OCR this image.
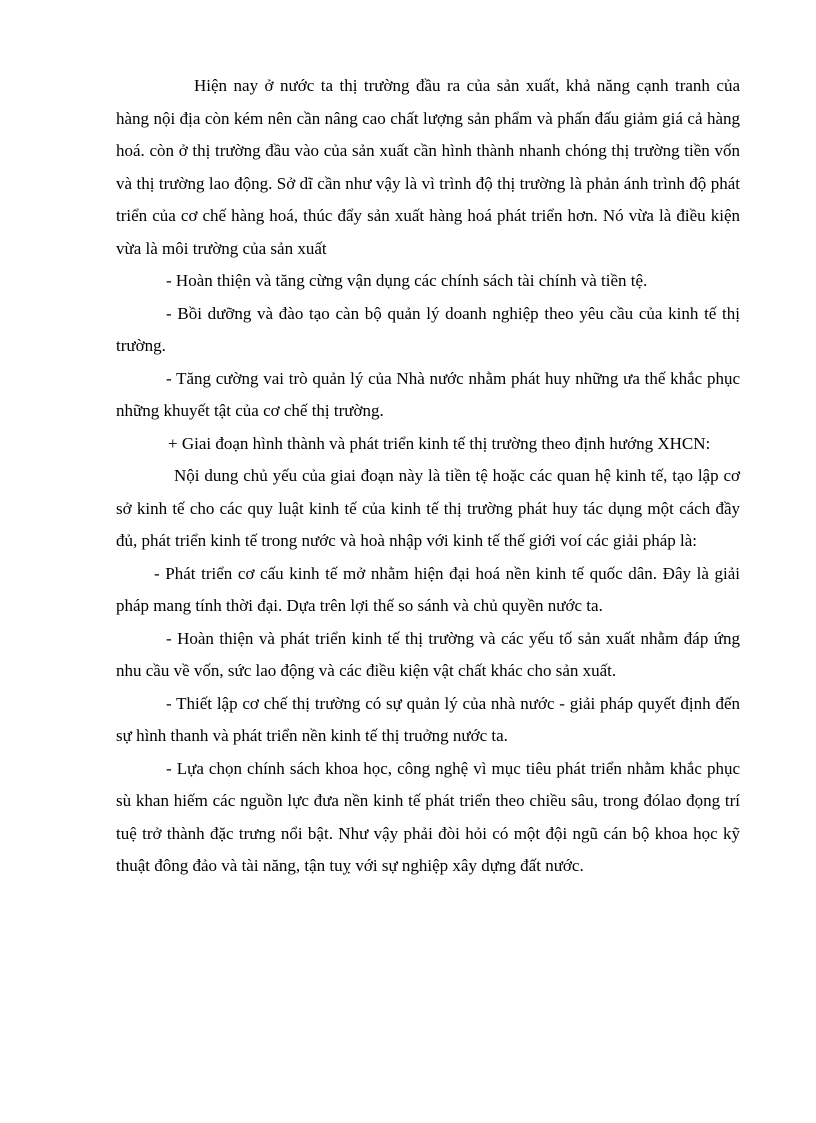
Hiện nay ở nước ta thị trường đầu ra của sản xuất, khả năng cạnh tranh của hàng nội địa còn kém nên cần nâng cao chất lượng sản phẩm và phấn đấu giảm giá cả hàng hoá. còn ở thị trường đầu vào của sản xuất cần hình thành nhanh chóng thị trường tiền vốn và thị trường lao động. Sở dĩ cần như vậy là vì trình độ thị trường là phản ánh trình độ phát triển của cơ chế hàng hoá, thúc đẩy sản xuất hàng hoá phát triển hơn. Nó vừa là điều kiện vừa là môi trường của sản xuất

- Hoàn thiện và tăng cừng vận dụng các chính sách tài chính và tiền tệ.

- Bồi dưỡng và đào tạo càn bộ quản lý doanh nghiệp theo yêu cầu của kinh tế thị trường.

- Tăng cường vai trò quản lý của Nhà nước nhằm phát huy những ưa thế khắc phục những khuyết tật của cơ chế thị trường.

+ Giai đoạn hình thành và phát triển kinh tế thị trường theo định hướng XHCN:

Nội dung chủ yếu của giai đoạn này là tiền tệ hoặc các quan hệ kinh tế, tạo lập cơ sở kinh tế cho các quy luật kinh tế của kinh tế thị trường phát huy tác dụng một cách đầy đủ, phát triển kinh tế trong nước và hoà nhập với kinh tế thế giới voí các giải pháp là:

- Phát triển cơ cấu kinh tế mở nhằm hiện đại hoá nền kinh tế quốc dân. Đây là giải pháp mang tính thời đại. Dựa trên lợi thế so sánh và chủ quyền nước ta.

- Hoàn thiện và phát triển kinh tế thị trường và các yếu tố sản xuất nhằm đáp ứng nhu cầu về vốn, sức lao động và các điều kiện vật chất khác cho sản xuất.

- Thiết lập cơ chế thị trường có sự quản lý của nhà nước - giải pháp quyết định đến sự hình thanh và phát triển nền kinh tế thị truởng nước ta.

- Lựa chọn chính sách khoa học, công nghệ vì mục tiêu phát triển nhằm khắc phục sù khan hiếm các nguồn lực đưa nền kinh tế phát triển theo chiều sâu, trong đólao đọng trí tuệ trở thành đặc trưng nổi bật. Như vậy phải đòi hỏi có một đội ngũ cán bộ khoa học kỹ thuật đông đảo và tài năng, tận tuỵ với sự nghiệp xây dựng đất nước.
